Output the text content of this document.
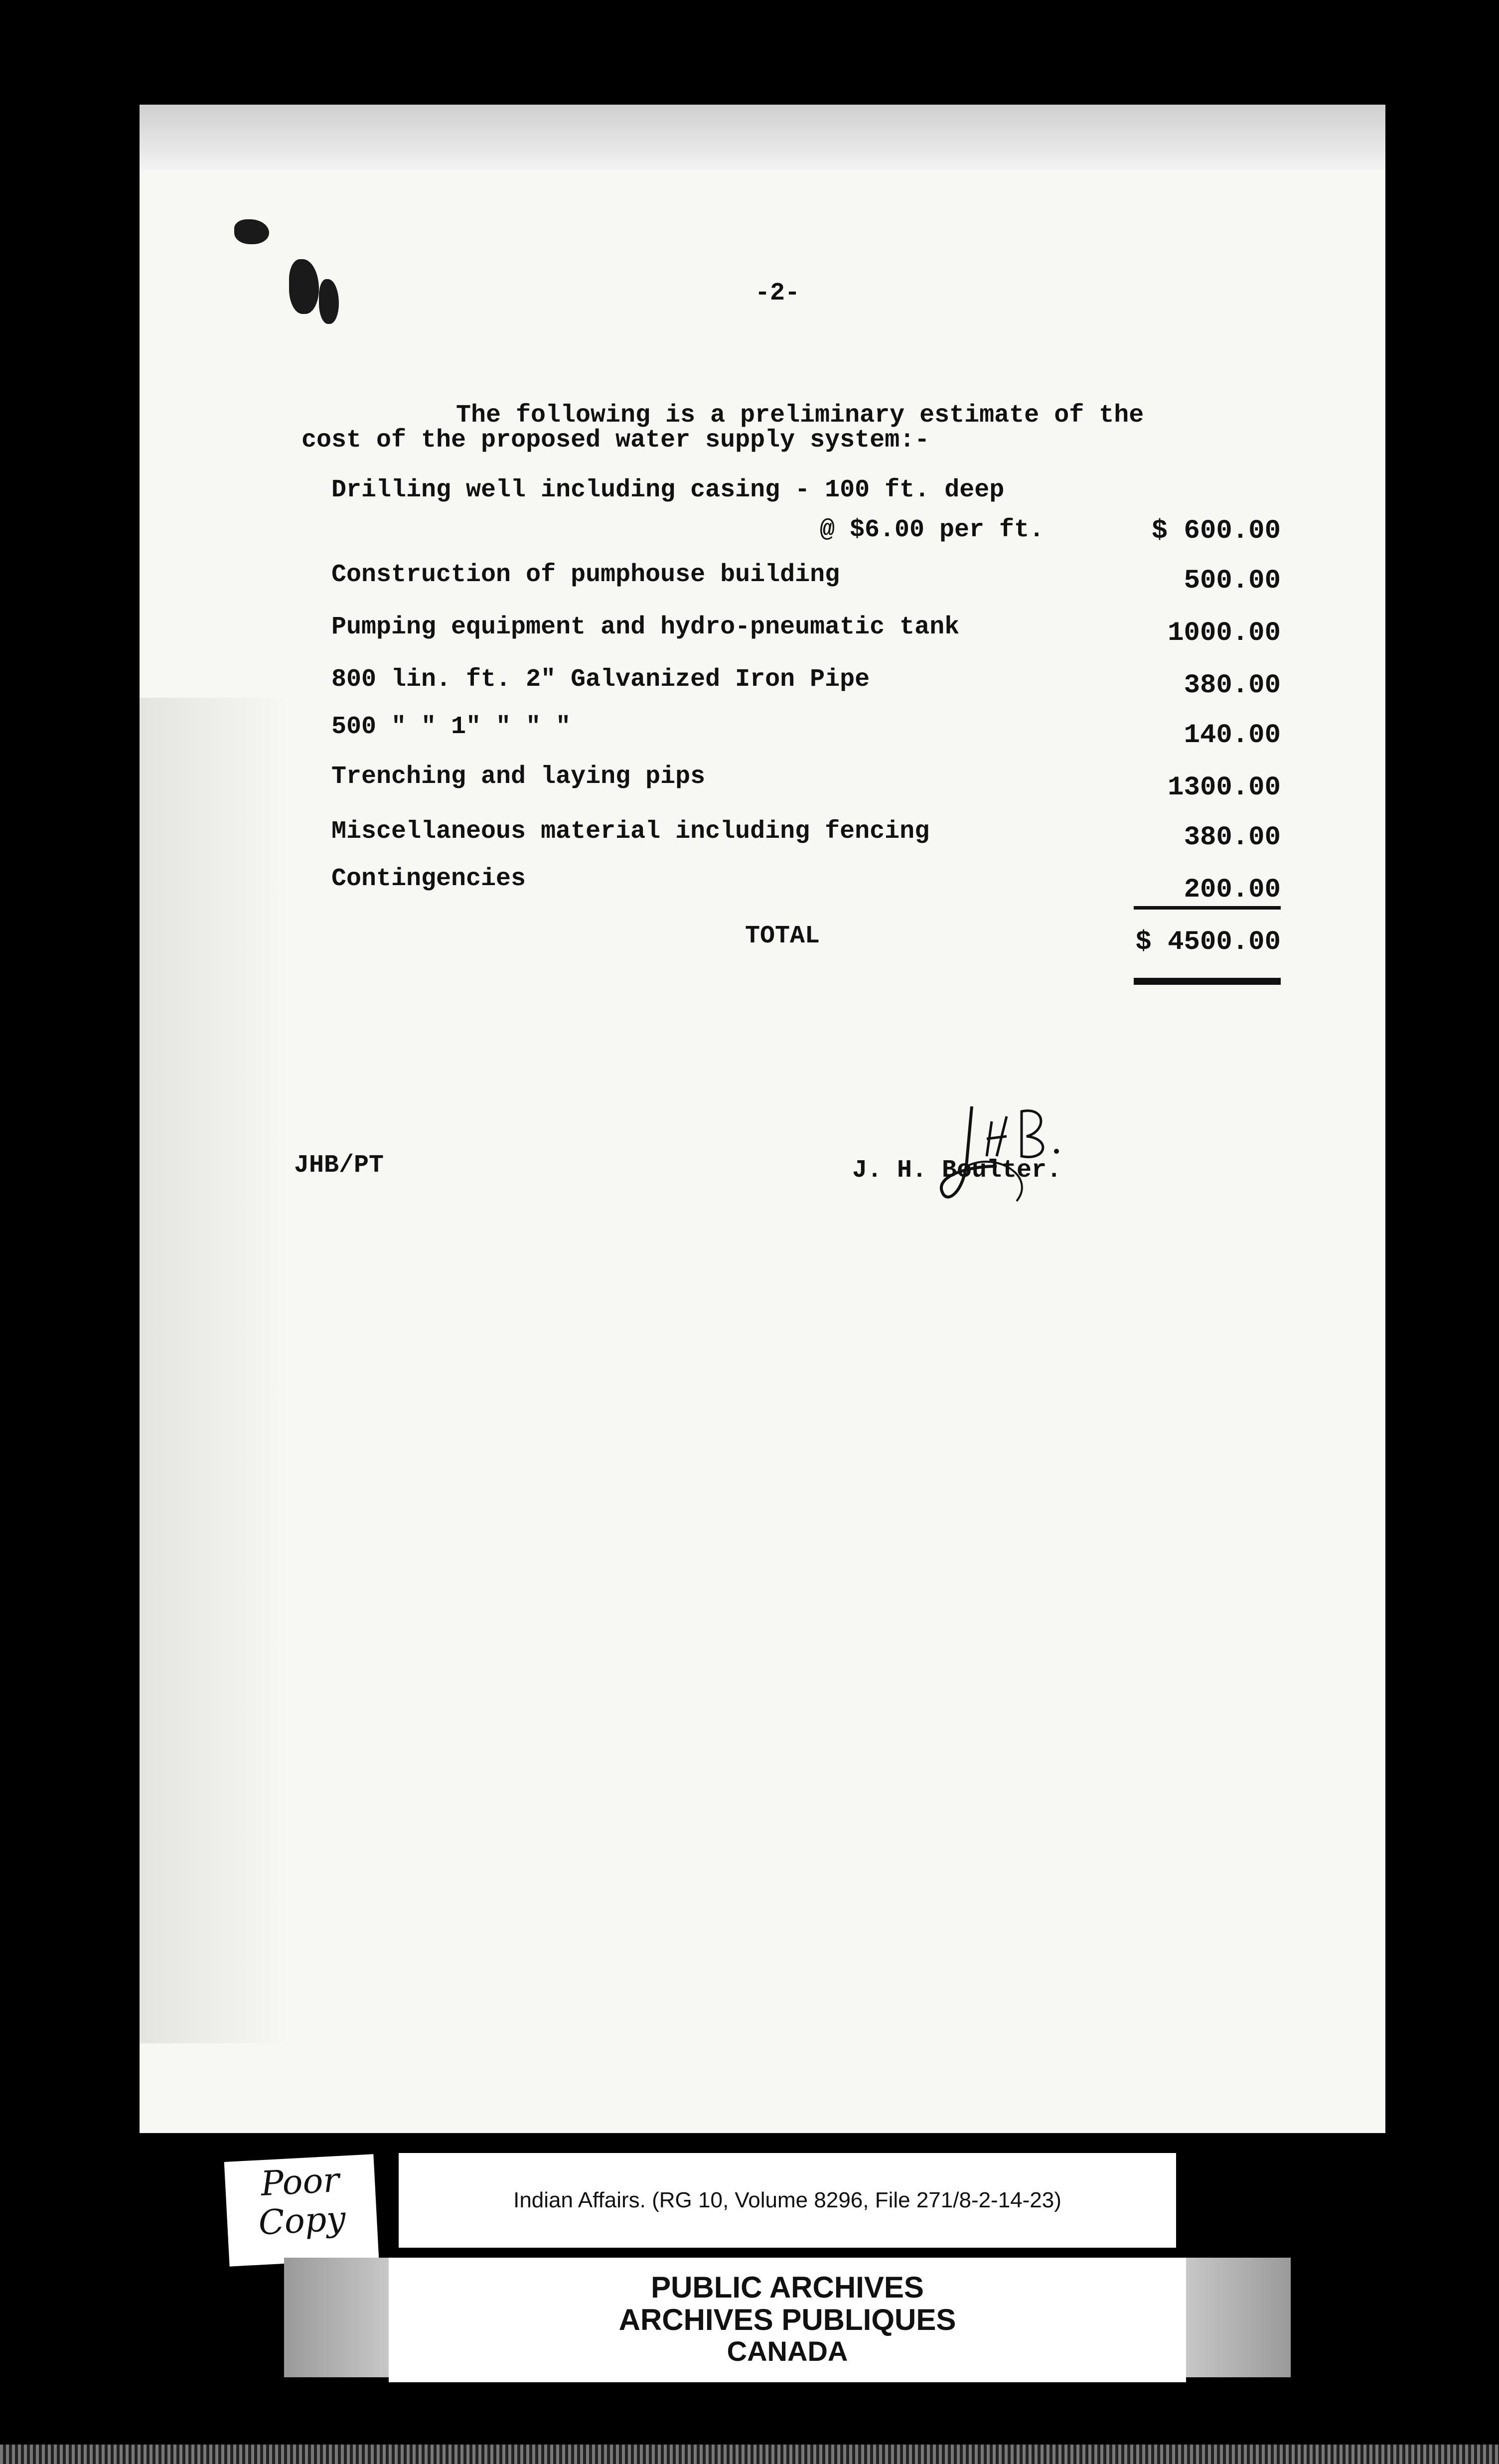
-2-
The following is a preliminary estimate of the
cost of the proposed water supply system:-
Drilling well including casing - 100 ft. deep
@ $6.00 per ft.	$ 600.00
Construction of pumphouse building	500.00
Pumping equipment and hydro-pneumatic tank	1000.00
800 lin. ft. 2" Galvanized Iron Pipe	380.00
500 " " 1" " " "	140.00
Trenching and laying pips	1300.00
Miscellaneous material including fencing	380.00
Contingencies	200.00
TOTAL	$ 4500.00
JHB/PT	J. H. Boulter.
Indian Affairs. (RG 10, Volume 8296, File 271/8-2-14-23)
Poor
Copy
PUBLIC ARCHIVES
ARCHIVES PUBLIQUES
CANADA
